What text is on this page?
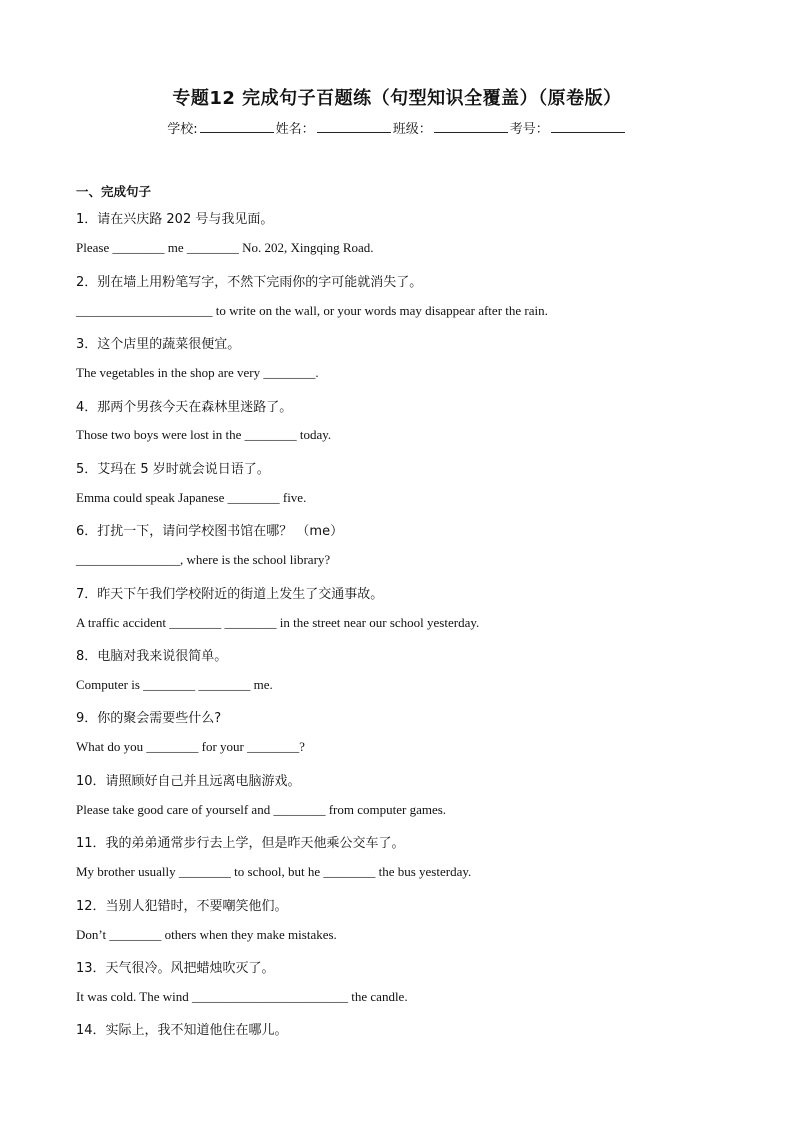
专题12 完成句子百题练（句型知识全覆盖）（原卷版）
学校:	姓名：	班级：	考号：
一、完成句子
1．请在兴庆路 202 号与我见面。
Please ________ me ________ No. 202, Xingqing Road.
2．别在墙上用粉笔写字，不然下完雨你的字可能就消失了。
_____________________ to write on the wall, or your words may disappear after the rain.
3．这个店里的蔬菜很便宜。
The vegetables in the shop are very ________.
4．那两个男孩今天在森林里迷路了。
Those two boys were lost in the ________ today.
5．艾玛在 5 岁时就会说日语了。
Emma could speak Japanese ________ five.
6．打扰一下，请问学校图书馆在哪？ （me）
________________, where is the school library?
7．昨天下午我们学校附近的街道上发生了交通事故。
A traffic accident ________ ________ in the street near our school yesterday.
8．电脑对我来说很简单。
Computer is ________ ________ me.
9．你的聚会需要些什么?
What do you ________ for your ________?
10．请照顾好自己并且远离电脑游戏。
Please take good care of yourself and ________ from computer games.
11．我的弟弟通常步行去上学，但是昨天他乘公交车了。
My brother usually ________ to school, but he ________ the bus yesterday.
12．当别人犯错时，不要嘲笑他们。
Don’t ________ others when they make mistakes.
13．天气很冷。风把蜡烛吹灭了。
It was cold. The wind ________________________ the candle.
14．实际上，我不知道他住在哪儿。
